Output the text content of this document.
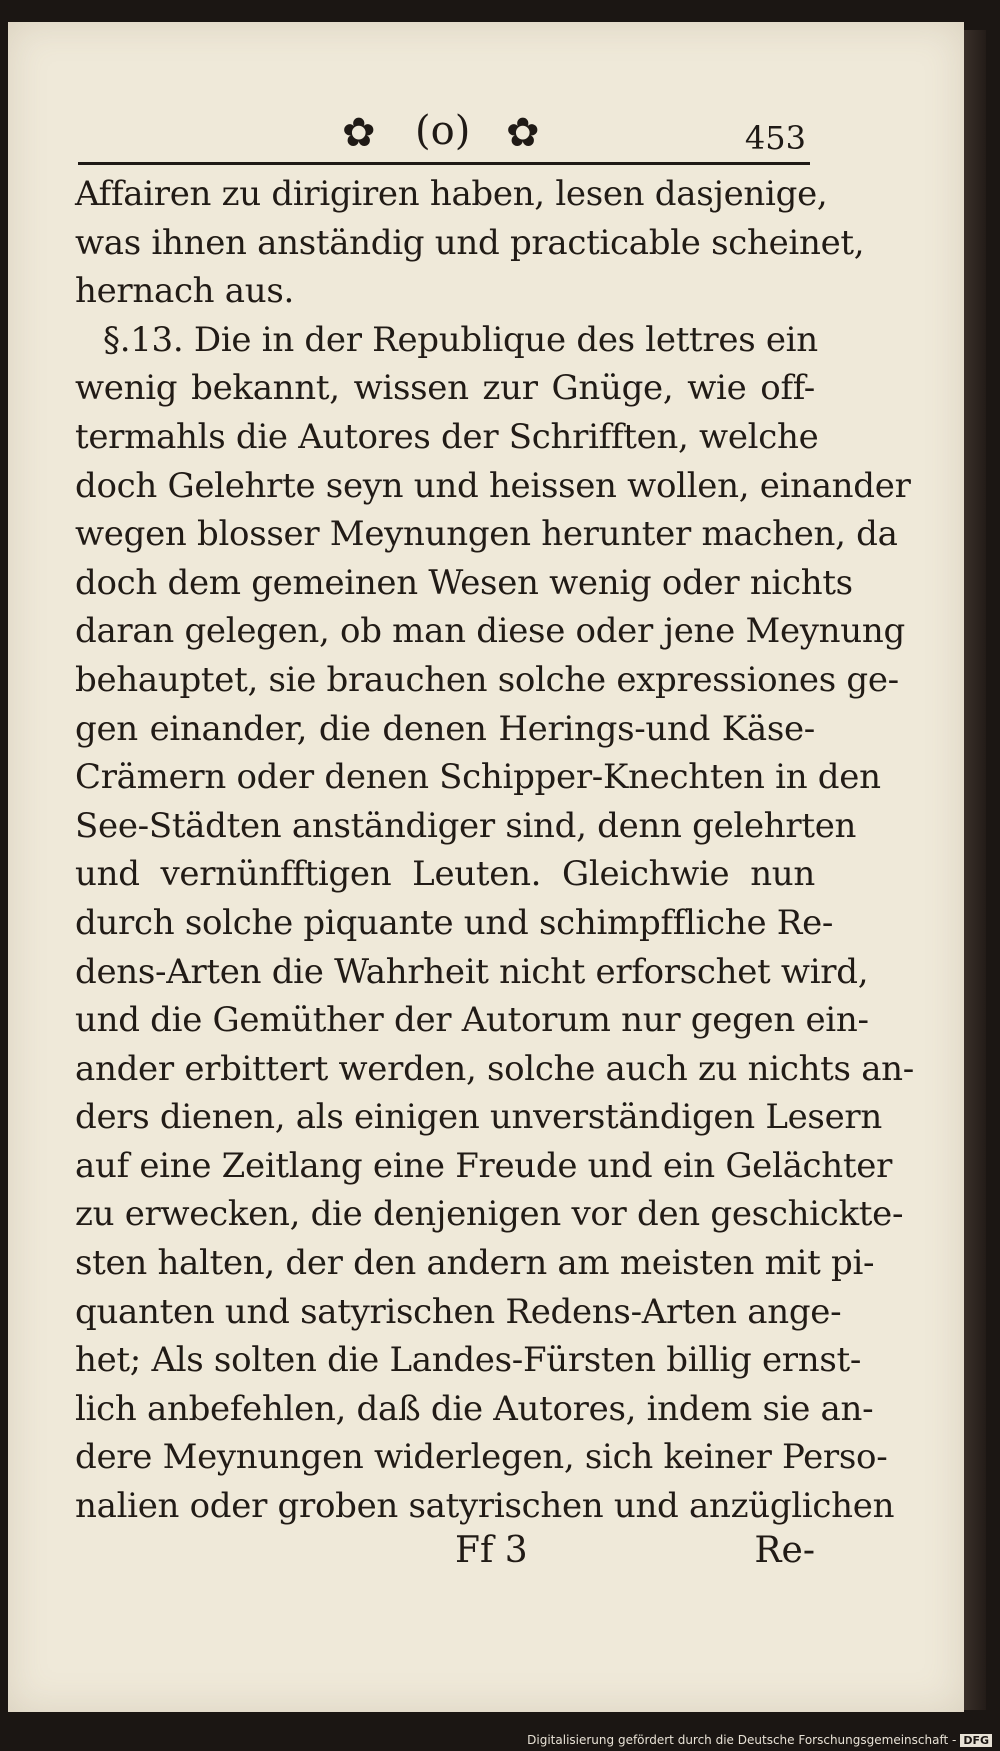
✿ (o) ✿	453
Affairen zu dirigiren haben, lesen dasjenige,
was ihnen anständig und practicable scheinet,
hernach aus.
§.13. Die in der Republique des lettres ein
wenig bekannt, wissen zur Gnüge, wie off-
termahls die Autores der Schrifften, welche
doch Gelehrte seyn und heissen wollen, einander
wegen blosser Meynungen herunter machen, da
doch dem gemeinen Wesen wenig oder nichts
daran gelegen, ob man diese oder jene Meynung
behauptet, sie brauchen solche expressiones ge-
gen einander, die denen Herings-und Käse-
Crämern oder denen Schipper-Knechten in den
See-Städten anständiger sind, denn gelehrten
und vernünfftigen Leuten. Gleichwie nun
durch solche piquante und schimpffliche Re-
dens-Arten die Wahrheit nicht erforschet wird,
und die Gemüther der Autorum nur gegen ein-
ander erbittert werden, solche auch zu nichts an-
ders dienen, als einigen unverständigen Lesern
auf eine Zeitlang eine Freude und ein Gelächter
zu erwecken, die denjenigen vor den geschickte-
sten halten, der den andern am meisten mit pi-
quanten und satyrischen Redens-Arten ange-
het; Als solten die Landes-Fürsten billig ernst-
lich anbefehlen, daß die Autores, indem sie an-
dere Meynungen widerlegen, sich keiner Perso-
nalien oder groben satyrischen und anzüglichen
Ff 3	Re-
Digitalisierung gefördert durch die Deutsche Forschungsgemeinschaft - DFG
